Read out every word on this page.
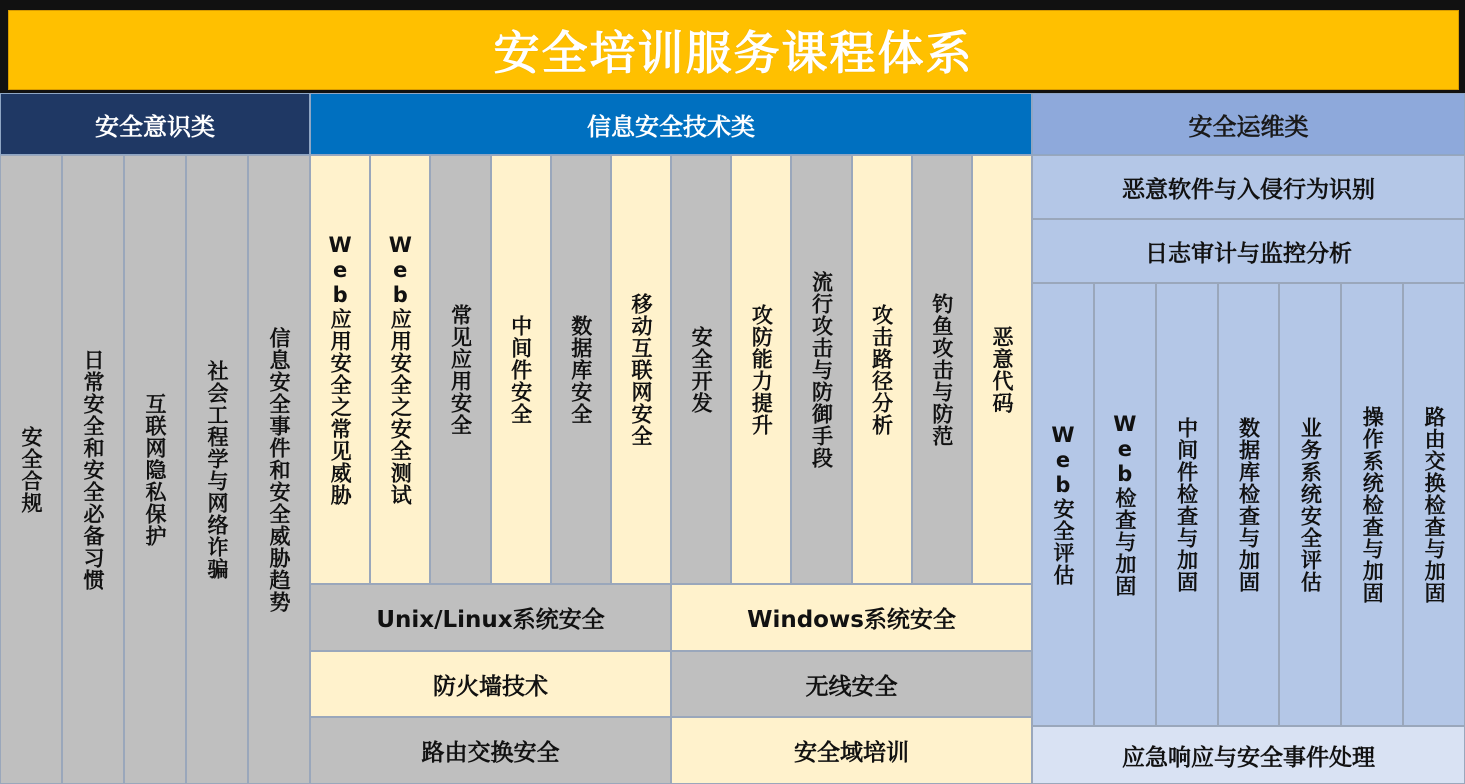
安全培训服务课程体系
安全意识类
安全合规	日常安全和安全必备习惯	互联网隐私保护	社会工程学与网络诈骗	信息安全事件和安全威胁趋势
信息安全技术类
Web应用安全之常见威胁	Web应用安全之安全测试	常见应用安全	中间件安全	数据库安全	移动互联网安全	安全开发	攻防能力提升	流行攻击与防御手段	攻击路径分析	钓鱼攻击与防范	恶意代码
Unix/Linux系统安全	Windows系统安全
防火墙技术	无线安全
路由交换安全	安全域培训
安全运维类
恶意软件与入侵行为识别
日志审计与监控分析
Web安全评估	Web检查与加固	中间件检查与加固	数据库检查与加固	业务系统安全评估	操作系统检查与加固	路由交换检查与加固
应急响应与安全事件处理
